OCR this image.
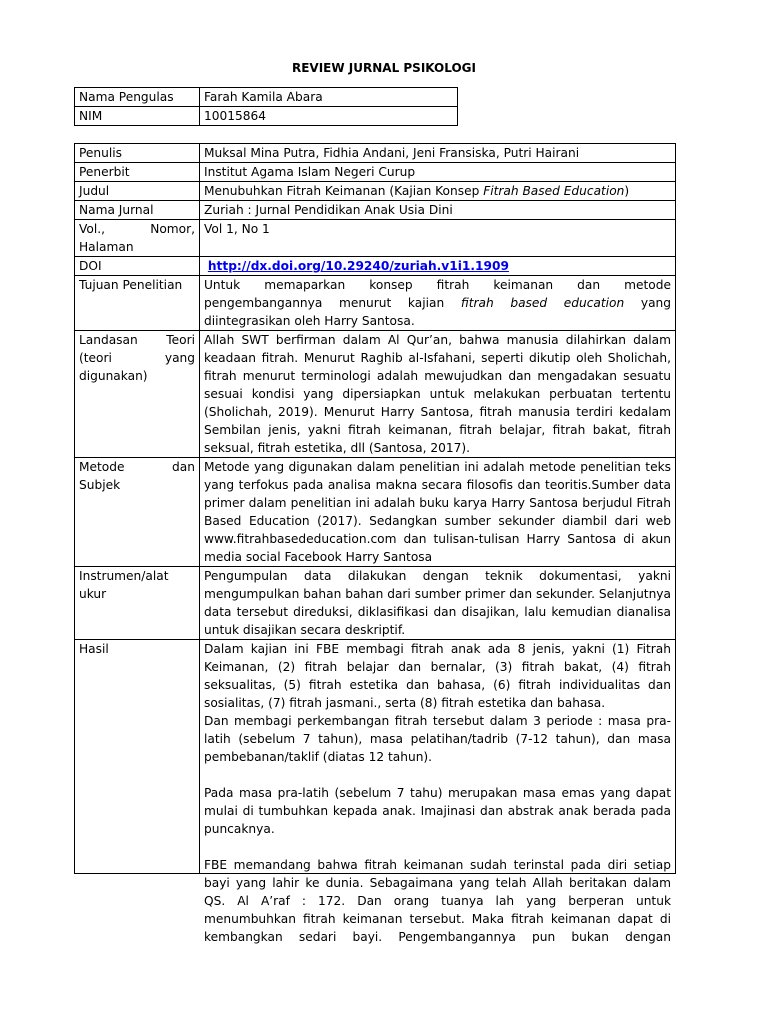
REVIEW JURNAL PSIKOLOGI
Nama Pengulas	Farah Kamila Abara
NIM	10015864
Penulis	Muksal Mina Putra, Fidhia Andani, Jeni Fransiska, Putri Hairani
Penerbit	Institut Agama Islam Negeri Curup
Judul	Menubuhkan Fitrah Keimanan (Kajian Konsep Fitrah Based Education)
Nama Jurnal	Zuriah : Jurnal Pendidikan Anak Usia Dini
Vol., Nomor, Halaman	Vol 1, No 1
DOI	http://dx.doi.org/10.29240/zuriah.v1i1.1909
Tujuan Penelitian	Untuk memaparkan konsep fitrah keimanan dan metode pengembangannya menurut kajian fitrah based education yang diintegrasikan oleh Harry Santosa.
Landasan Teori (teori yang digunakan)	Allah SWT berfirman dalam Al Qur’an, bahwa manusia dilahirkan dalam keadaan fitrah. Menurut Raghib al-Isfahani, seperti dikutip oleh Sholichah, fitrah menurut terminologi adalah mewujudkan dan mengadakan sesuatu sesuai kondisi yang dipersiapkan untuk melakukan perbuatan tertentu (Sholichah, 2019). Menurut Harry Santosa, fitrah manusia terdiri kedalam Sembilan jenis, yakni fitrah keimanan, fitrah belajar, fitrah bakat, fitrah seksual, fitrah estetika, dll (Santosa, 2017).
Metode dan Subjek	Metode yang digunakan dalam penelitian ini adalah metode penelitian teks yang terfokus pada analisa makna secara filosofis dan teoritis.Sumber data primer dalam penelitian ini adalah buku karya Harry Santosa berjudul Fitrah Based Education (2017). Sedangkan sumber sekunder diambil dari web www.fitrahbasededucation.com dan tulisan-tulisan Harry Santosa di akun media social Facebook Harry Santosa
Instrumen/alat ukur	Pengumpulan data dilakukan dengan teknik dokumentasi, yakni mengumpulkan bahan bahan dari sumber primer dan sekunder. Selanjutnya data tersebut direduksi, diklasifikasi dan disajikan, lalu kemudian dianalisa untuk disajikan secara deskriptif.
Hasil	Dalam kajian ini FBE membagi fitrah anak ada 8 jenis, yakni (1) Fitrah Keimanan, (2) fitrah belajar dan bernalar, (3) fitrah bakat, (4) fitrah seksualitas, (5) fitrah estetika dan bahasa, (6) fitrah individualitas dan sosialitas, (7) fitrah jasmani., serta (8) fitrah estetika dan bahasa.

Dan membagi perkembangan fitrah tersebut dalam 3 periode : masa pra-latih (sebelum 7 tahun), masa pelatihan/tadrib (7-12 tahun), dan masa pembebanan/taklif (diatas 12 tahun).

Pada masa pra-latih (sebelum 7 tahu) merupakan masa emas yang dapat mulai di tumbuhkan kepada anak. Imajinasi dan abstrak anak berada pada puncaknya.

FBE memandang bahwa fitrah keimanan sudah terinstal pada diri setiap bayi yang lahir ke dunia. Sebagaimana yang telah Allah beritakan dalam QS. Al A’raf : 172. Dan orang tuanya lah yang berperan untuk menumbuhkan fitrah keimanan tersebut. Maka fitrah keimanan dapat di kembangkan sedari bayi. Pengembangannya pun bukan dengan
